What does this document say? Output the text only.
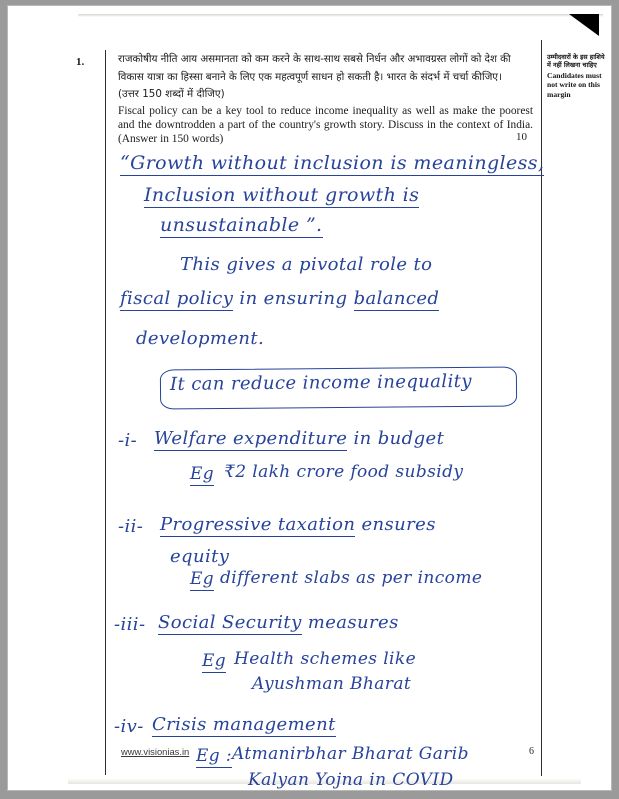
1.	राजकोषीय नीति आय असमानता को कम करने के साथ-साथ सबसे निर्धन और अभावग्रस्त लोगों को देश की

विकास यात्रा का हिस्सा बनाने के लिए एक महत्वपूर्ण साधन हो सकती है। भारत के संदर्भ में चर्चा कीजिए।

(उत्तर 150 शब्दों में दीजिए)

Fiscal policy can be a key tool to reduce income inequality as well as make the poorest and the downtrodden a part of the country's growth story. Discuss in the context of India. (Answer in 150 words)	10
उम्मीदवारों के इस हाशिये में नहीं लिखना चाहिए
Candidates must not write on this margin
“Growth without inclusion is meaningless,
Inclusion without growth is
unsustainable ”.
This gives a pivotal role to
fiscal policy in ensuring balanced
development.
It can reduce income inequality
-i- Welfare expenditure in budget
Eg ₹2 lakh crore food subsidy
-ii- Progressive taxation ensures
equity
Eg different slabs as per income
-iii- Social Security measures
Eg Health schemes like
Ayushman Bharat
-iv- Crisis management
Eg : Atmanirbhar Bharat Garib
Kalyan Yojna in COVID
www.visionias.in	6
